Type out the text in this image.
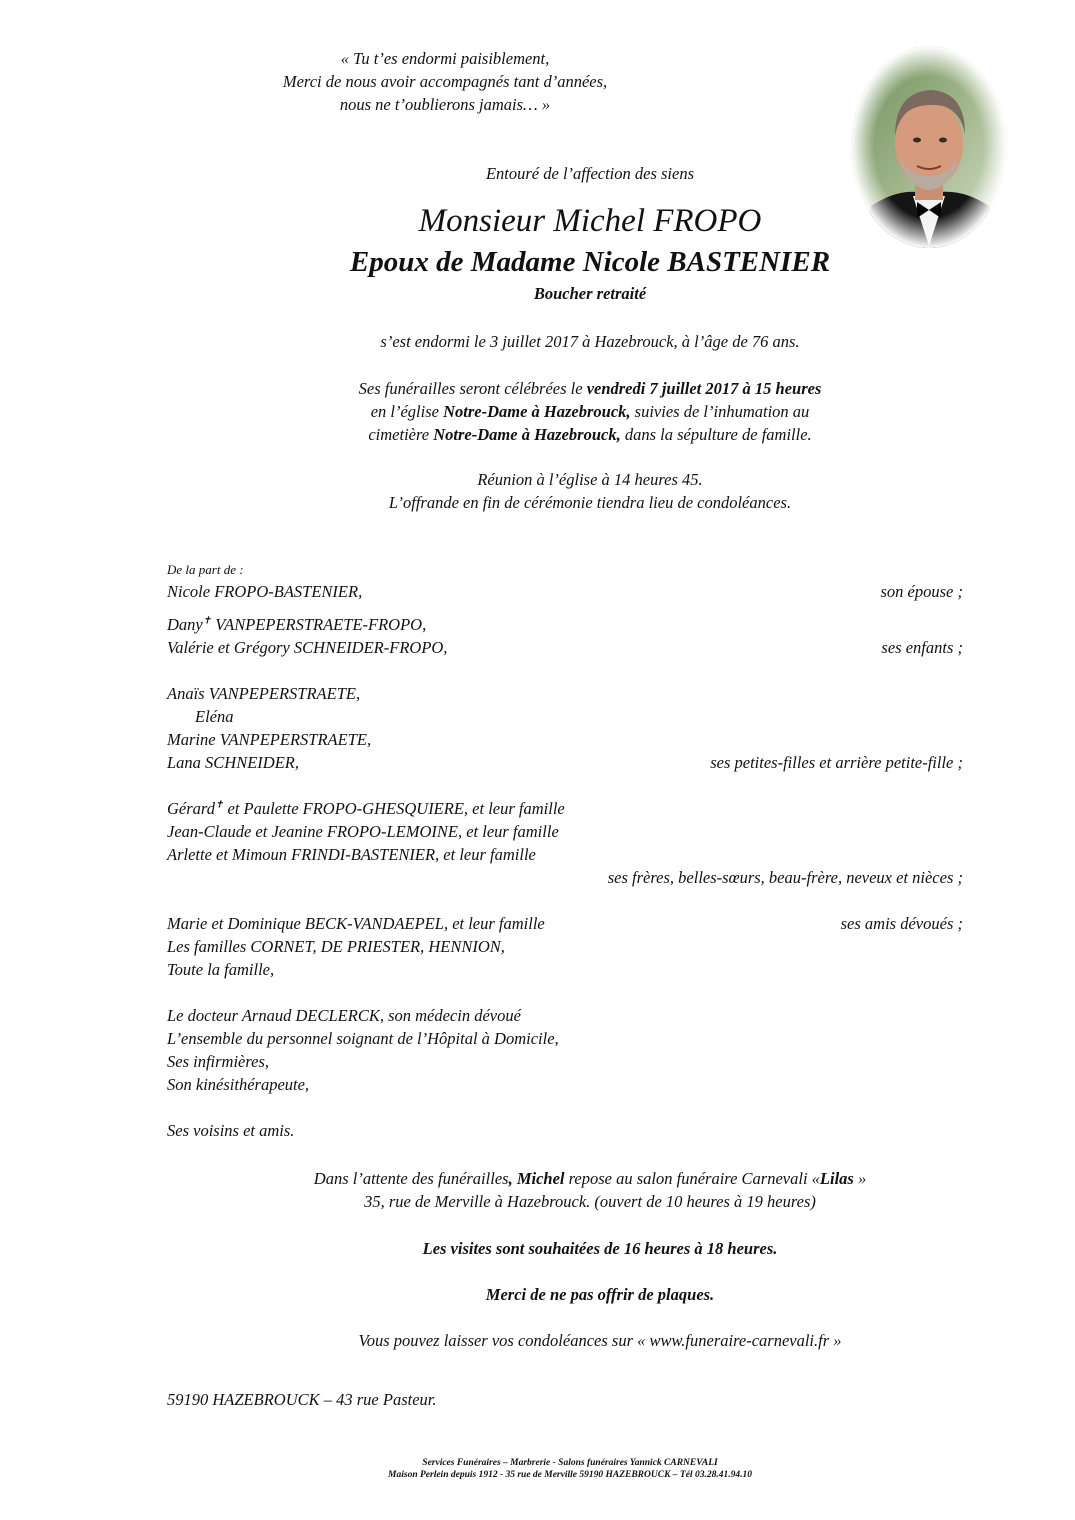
« Tu t’es endormi paisiblement,
Merci de nous avoir accompagnés tant d’années,
nous ne t’oublierons jamais… »
Entouré de l’affection des siens
Monsieur Michel FROPO
Epoux de Madame Nicole BASTENIER
Boucher retraité
s’est endormi le 3 juillet 2017 à Hazebrouck, à l’âge de 76 ans.
Ses funérailles seront célébrées le vendredi 7 juillet 2017 à 15 heures
en l’église Notre-Dame à Hazebrouck, suivies de l’inhumation au
cimetière Notre-Dame à Hazebrouck, dans la sépulture de famille.
Réunion à l’église à 14 heures 45.
L’offrande en fin de cérémonie tiendra lieu de condoléances.
De la part de :
Nicole FROPO-BASTENIER,	son épouse ;
Dany✝ VANPEPERSTRAETE-FROPO,
Valérie et Grégory SCHNEIDER-FROPO,	ses enfants ;
Anaïs VANPEPERSTRAETE,
Eléna
Marine VANPEPERSTRAETE,
Lana SCHNEIDER,	ses petites-filles et arrière petite-fille ;
Gérard✝ et Paulette FROPO-GHESQUIERE, et leur famille
Jean-Claude et Jeanine FROPO-LEMOINE, et leur famille
Arlette et Mimoun FRINDI-BASTENIER, et leur famille
ses frères, belles-sœurs, beau-frère, neveux et nièces ;
Marie et Dominique BECK-VANDAEPEL, et leur famille	ses amis dévoués ;
Les familles CORNET, DE PRIESTER, HENNION,
Toute la famille,
Le docteur Arnaud DECLERCK, son médecin dévoué
L’ensemble du personnel soignant de l’Hôpital à Domicile,
Ses infirmières,
Son kinésithérapeute,
Ses voisins et amis.
Dans l’attente des funérailles, Michel repose au salon funéraire Carnevali «Lilas »
35, rue de Merville à Hazebrouck. (ouvert de 10 heures à 19 heures)
Les visites sont souhaitées de 16 heures à 18 heures.
Merci de ne pas offrir de plaques.
Vous pouvez laisser vos condoléances sur « www.funeraire-carnevali.fr »
59190 HAZEBROUCK – 43 rue Pasteur.
Services Funéraires – Marbrerie - Salons funéraires Yannick CARNEVALI
Maison Perlein depuis 1912 - 35 rue de Merville 59190 HAZEBROUCK – Tél 03.28.41.94.10
